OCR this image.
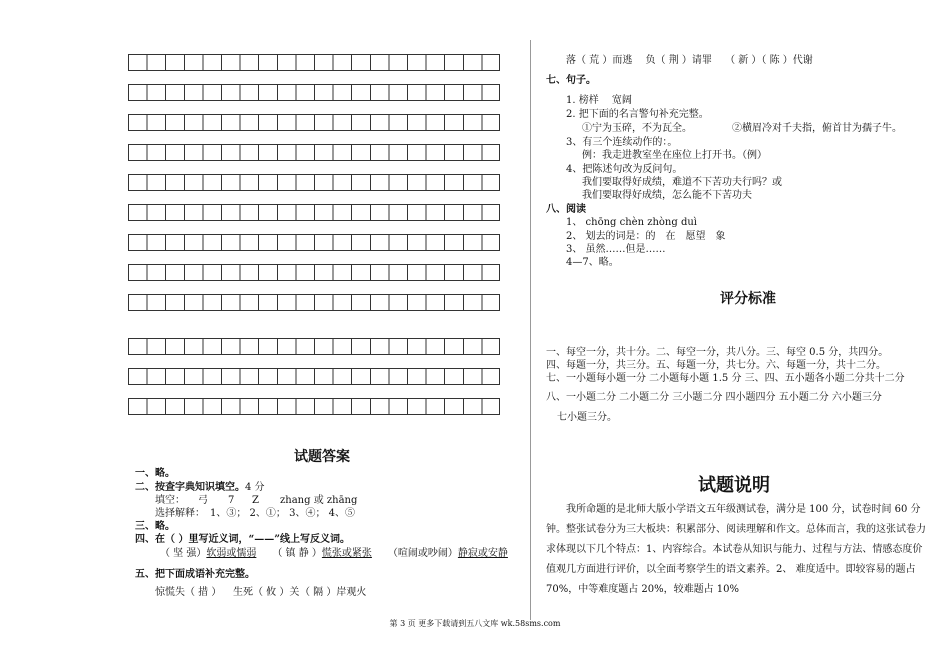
试题答案
一、略。
二、按查字典知识填空。4 分
填空： 弓 7 Z zhang 或 zhāng
选择解释：　1、③； 2、①； 3、④； 4、⑤
三、略。
四、在（ ）里写近义词，“——”线上写反义词。
（ 坚 强）软弱或懦弱 （ 镇 静 ）慌张或紧张 （喧闹或吵闹）静寂或安静
五、把下面成语补充完整。
惊慌失（ 措 ） 生死（ 攸 ）关 （ 隔 ）岸观火
落（ 荒 ）而逃　 负（ 荆 ）请罪　 （ 新 ）（ 陈 ）代谢
七、句子。
1. 榜样　 宽阔
2. 把下面的名言警句补充完整。
①宁为玉碎，不为瓦全。	②横眉冷对千夫指，俯首甘为孺子牛。
3、有三个连续动作的：。
例：我走进教室坐在座位上打开书。（例）
4、把陈述句改为反问句。
我们要取得好成绩，难道不下苦功夫行吗？或
我们要取得好成绩，怎么能不下苦功夫
八、阅读
1、 chōng chèn zhòng duì
2、 划去的词是：的　在　愿望　象
3、 虽然……但是……
4—7、略。
评分标准
一、每空一分，共十分。二、每空一分，共八分。三、每空 0.5 分，共四分。
四、每题一分，共三分。五、每题一分，共七分。六、每题一分，共十二分。
七、一小题每小题一分 二小题每小题 1.5 分 三、四、五小题各小题二分共十二分
八、一小题二分 二小题二分 三小题二分 四小题四分 五小题二分 六小题三分
七小题三分。
试题说明
我所命题的是北师大版小学语文五年级测试卷，满分是 100 分，试卷时间 60 分钟。整张试卷分为三大板块：积累部分、阅读理解和作文。总体而言，我的这张试卷力求体现以下几个特点：1、内容综合。本试卷从知识与能力、过程与方法、情感态度价值观几方面进行评价，以全面考察学生的语文素养。2、 难度适中。即较容易的题占 70%，中等难度题占 20%，较难题占 10%
第 3 页 更多下载请到五八文库 wk.58sms.com
